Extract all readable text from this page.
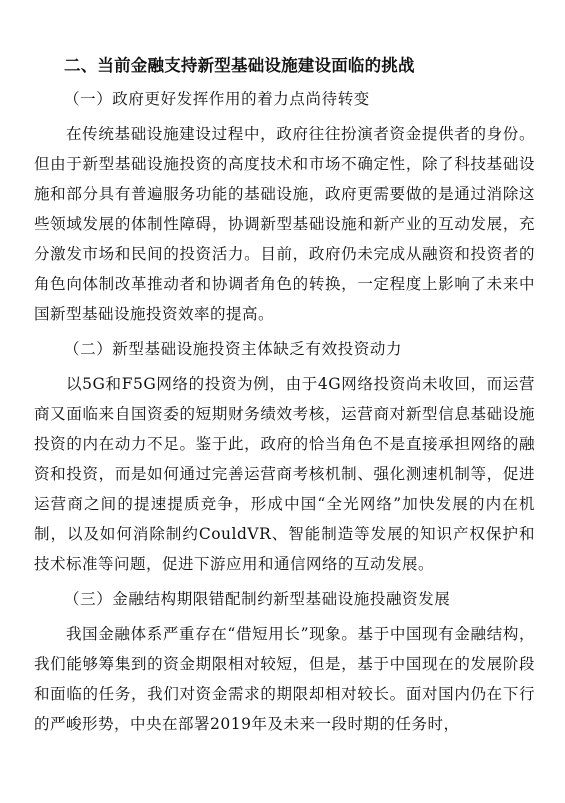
二、当前金融支持新型基础设施建设面临的挑战
（一）政府更好发挥作用的着力点尚待转变

在传统基础设施建设过程中，政府往往扮演者资金提供者的身份。但由于新型基础设施投资的高度技术和市场不确定性，除了科技基础设施和部分具有普遍服务功能的基础设施，政府更需要做的是通过消除这些领域发展的体制性障碍，协调新型基础设施和新产业的互动发展，充分激发市场和民间的投资活力。目前，政府仍未完成从融资和投资者的角色向体制改革推动者和协调者角色的转换，一定程度上影响了未来中国新型基础设施投资效率的提高。

（二）新型基础设施投资主体缺乏有效投资动力

以5G和F5G网络的投资为例，由于4G网络投资尚未收回，而运营商又面临来自国资委的短期财务绩效考核，运营商对新型信息基础设施投资的内在动力不足。鉴于此，政府的恰当角色不是直接承担网络的融资和投资，而是如何通过完善运营商考核机制、强化测速机制等，促进运营商之间的提速提质竞争，形成中国“全光网络”加快发展的内在机制，以及如何消除制约CouldVR、智能制造等发展的知识产权保护和技术标准等问题，促进下游应用和通信网络的互动发展。

（三）金融结构期限错配制约新型基础设施投融资发展

我国金融体系严重存在“借短用长”现象。基于中国现有金融结构，我们能够筹集到的资金期限相对较短，但是，基于中国现在的发展阶段和面临的任务，我们对资金需求的期限却相对较长。面对国内仍在下行的严峻形势，中央在部署2019年及未来一段时期的任务时，
